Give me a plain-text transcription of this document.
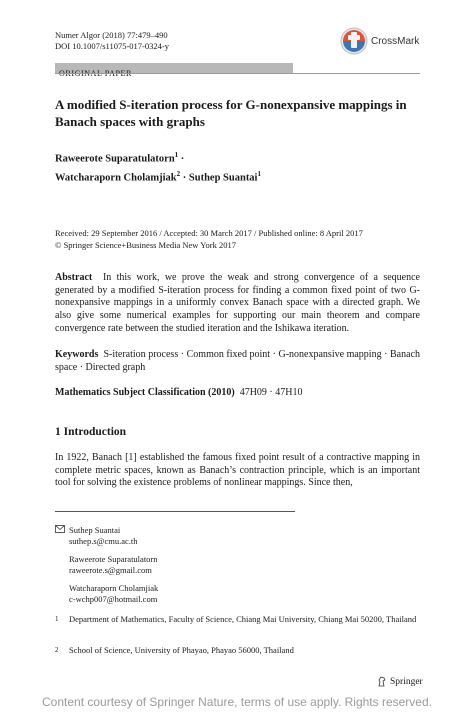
Numer Algor (2018) 77:479–490
DOI 10.1007/s11075-017-0324-y	CrossMark
A modified S-iteration process for G-nonexpansive mappings in Banach spaces with graphs
Raweerote Suparatulatorn$^1$ ·
Watcharaporn Cholamjiak$^2$ · Suthep Suantai$^1$
Received: 29 September 2016 / Accepted: 30 March 2017 / Published online: 8 April 2017
© Springer Science+Business Media New York 2017
Abstract In this work, we prove the weak and strong convergence of a sequence generated by a modified S-iteration process for finding a common fixed point of two G-nonexpansive mappings in a uniformly convex Banach space with a directed graph. We also give some numerical examples for supporting our main theorem and compare convergence rate between the studied iteration and the Ishikawa iteration.
Keywords S-iteration process · Common fixed point · G-nonexpansive mapping · Banach space · Directed graph
Mathematics Subject Classification (2010) 47H09 · 47H10
1 Introduction
In 1922, Banach [1] established the famous fixed point result of a contractive mapping in complete metric spaces, known as Banach’s contraction principle, which is an important tool for solving the existence problems of nonlinear mappings. Since then,
Suthep Suantai
suthep.s@cmu.ac.th
Raweerote Suparatulatorn
raweerote.s@gmail.com
Watcharaporn Cholamjiak
c-wchp007@hotmail.com
1	Department of Mathematics, Faculty of Science, Chiang Mai University, Chiang Mai 50200, Thailand
2	School of Science, University of Phayao, Phayao 56000, Thailand
Springer
Content courtesy of Springer Nature, terms of use apply. Rights reserved.
